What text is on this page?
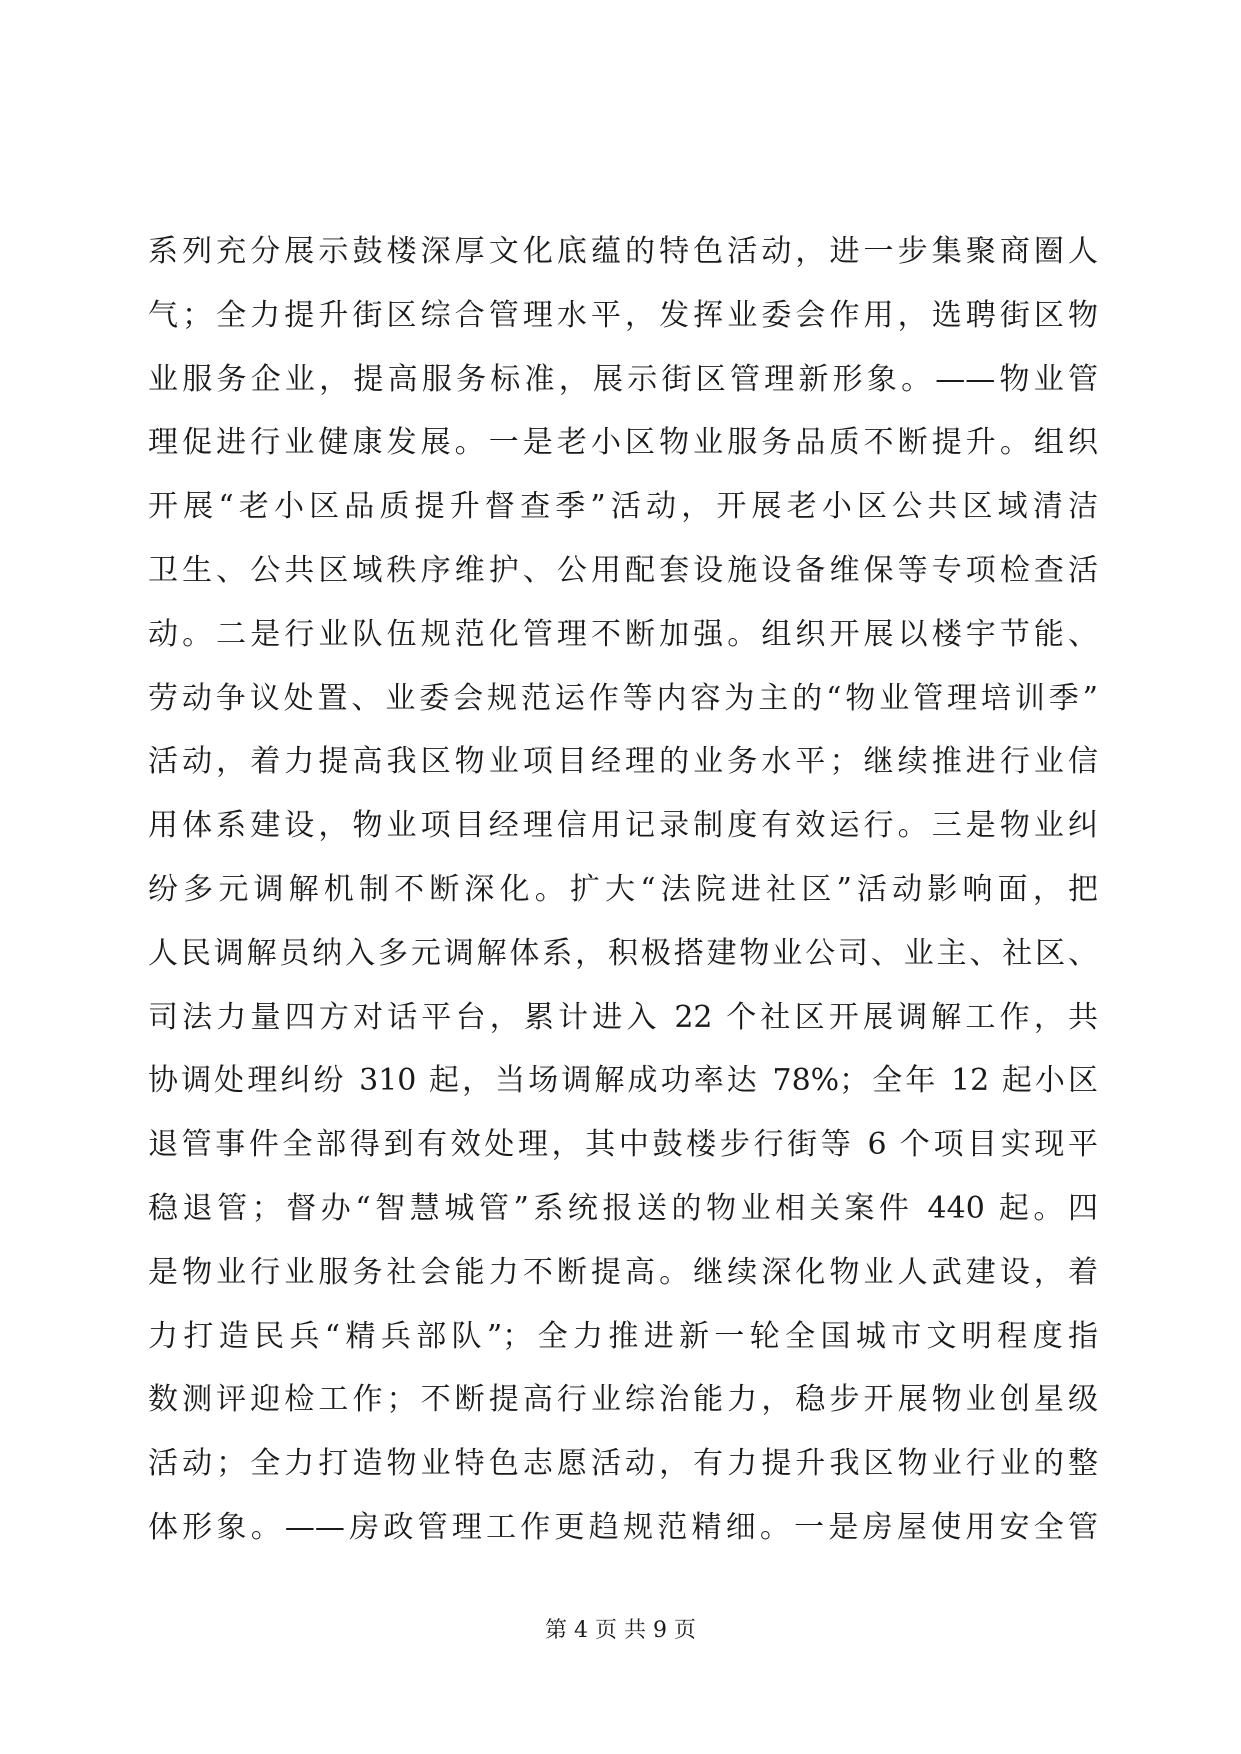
系列充分展示鼓楼深厚文化底蕴的特色活动，进一步集聚商圈人
气；全力提升街区综合管理水平，发挥业委会作用，选聘街区物
业服务企业，提高服务标准，展示街区管理新形象。——物业管
理促进行业健康发展。一是老小区物业服务品质不断提升。组织
开展“老小区品质提升督查季”活动，开展老小区公共区域清洁
卫生、公共区域秩序维护、公用配套设施设备维保等专项检查活
动。二是行业队伍规范化管理不断加强。组织开展以楼宇节能、
劳动争议处置、业委会规范运作等内容为主的“物业管理培训季”
活动，着力提高我区物业项目经理的业务水平；继续推进行业信
用体系建设，物业项目经理信用记录制度有效运行。三是物业纠
纷多元调解机制不断深化。扩大“法院进社区”活动影响面，把
人民调解员纳入多元调解体系，积极搭建物业公司、业主、社区、
司法力量四方对话平台，累计进入 22 个社区开展调解工作，共
协调处理纠纷 310 起，当场调解成功率达 78%；全年 12 起小区
退管事件全部得到有效处理，其中鼓楼步行街等 6 个项目实现平
稳退管；督办“智慧城管”系统报送的物业相关案件 440 起。四
是物业行业服务社会能力不断提高。继续深化物业人武建设，着
力打造民兵“精兵部队”；全力推进新一轮全国城市文明程度指
数测评迎检工作；不断提高行业综治能力，稳步开展物业创星级
活动；全力打造物业特色志愿活动，有力提升我区物业行业的整
体形象。——房政管理工作更趋规范精细。一是房屋使用安全管
第 4 页 共 9 页
